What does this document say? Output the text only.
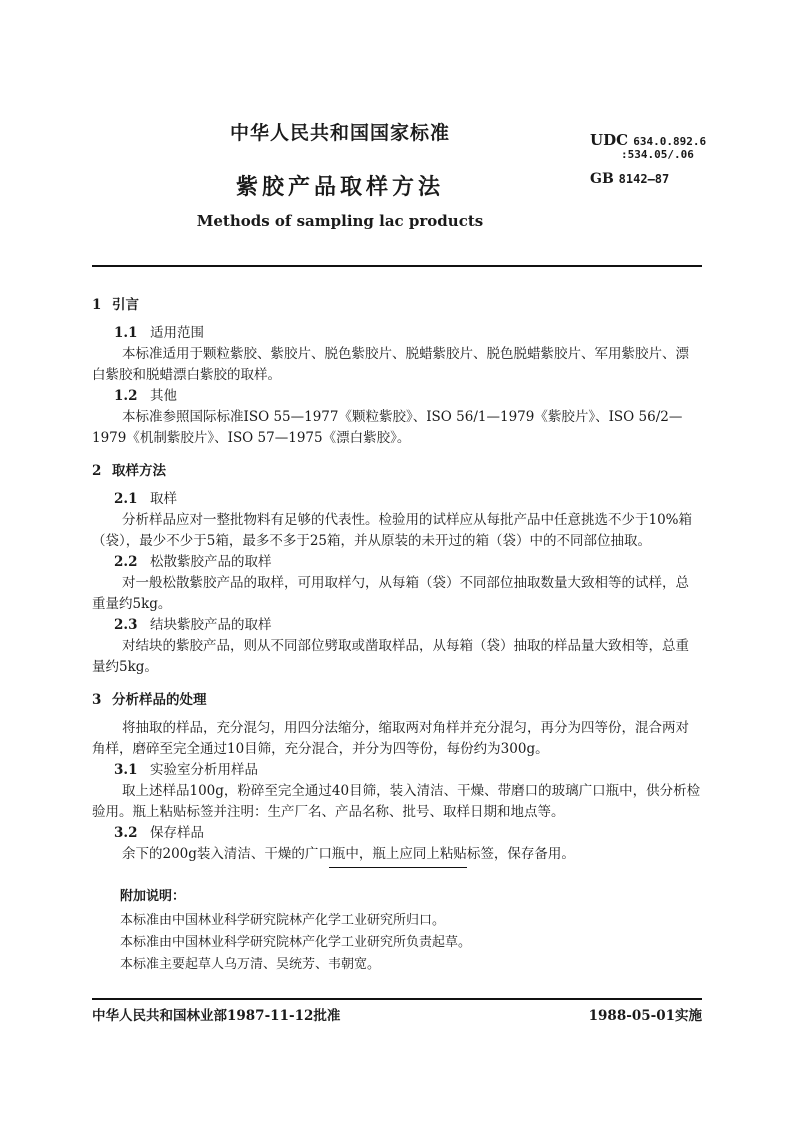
中华人民共和国国家标准	UDC 634.0.892.6
:534.05/.06
紫胶产品取样方法	GB 8142—87
Methods of sampling lac products

1 引言

1.1 适用范围

本标准适用于颗粒紫胶、紫胶片、脱色紫胶片、脱蜡紫胶片、脱色脱蜡紫胶片、军用紫胶片、漂白紫胶和脱蜡漂白紫胶的取样。

1.2 其他

本标准参照国际标准ISO 55—1977《颗粒紫胶》、ISO 56/1—1979《紫胶片》、ISO 56/2—1979《机制紫胶片》、ISO 57—1975《漂白紫胶》。

2 取样方法

2.1 取样

分析样品应对一整批物料有足够的代表性。检验用的试样应从每批产品中任意挑选不少于10%箱（袋），最少不少于5箱，最多不多于25箱，并从原装的未开过的箱（袋）中的不同部位抽取。

2.2 松散紫胶产品的取样

对一般松散紫胶产品的取样，可用取样勺，从每箱（袋）不同部位抽取数量大致相等的试样，总重量约5kg。

2.3 结块紫胶产品的取样

对结块的紫胶产品，则从不同部位劈取或凿取样品，从每箱（袋）抽取的样品量大致相等，总重量约5kg。

3 分析样品的处理

将抽取的样品，充分混匀，用四分法缩分，缩取两对角样并充分混匀，再分为四等份，混合两对角样，磨碎至完全通过10目筛，充分混合，并分为四等份，每份约为300g。

3.1 实验室分析用样品

取上述样品100g，粉碎至完全通过40目筛，装入清洁、干燥、带磨口的玻璃广口瓶中，供分析检验用。瓶上粘贴标签并注明：生产厂名、产品名称、批号、取样日期和地点等。

3.2 保存样品

余下的200g装入清洁、干燥的广口瓶中，瓶上应同上粘贴标签，保存备用。

附加说明：

本标准由中国林业科学研究院林产化学工业研究所归口。

本标准由中国林业科学研究院林产化学工业研究所负责起草。

本标准主要起草人乌万清、吴统芳、韦朝宽。

中华人民共和国林业部1987-11-12批准	1988-05-01实施
